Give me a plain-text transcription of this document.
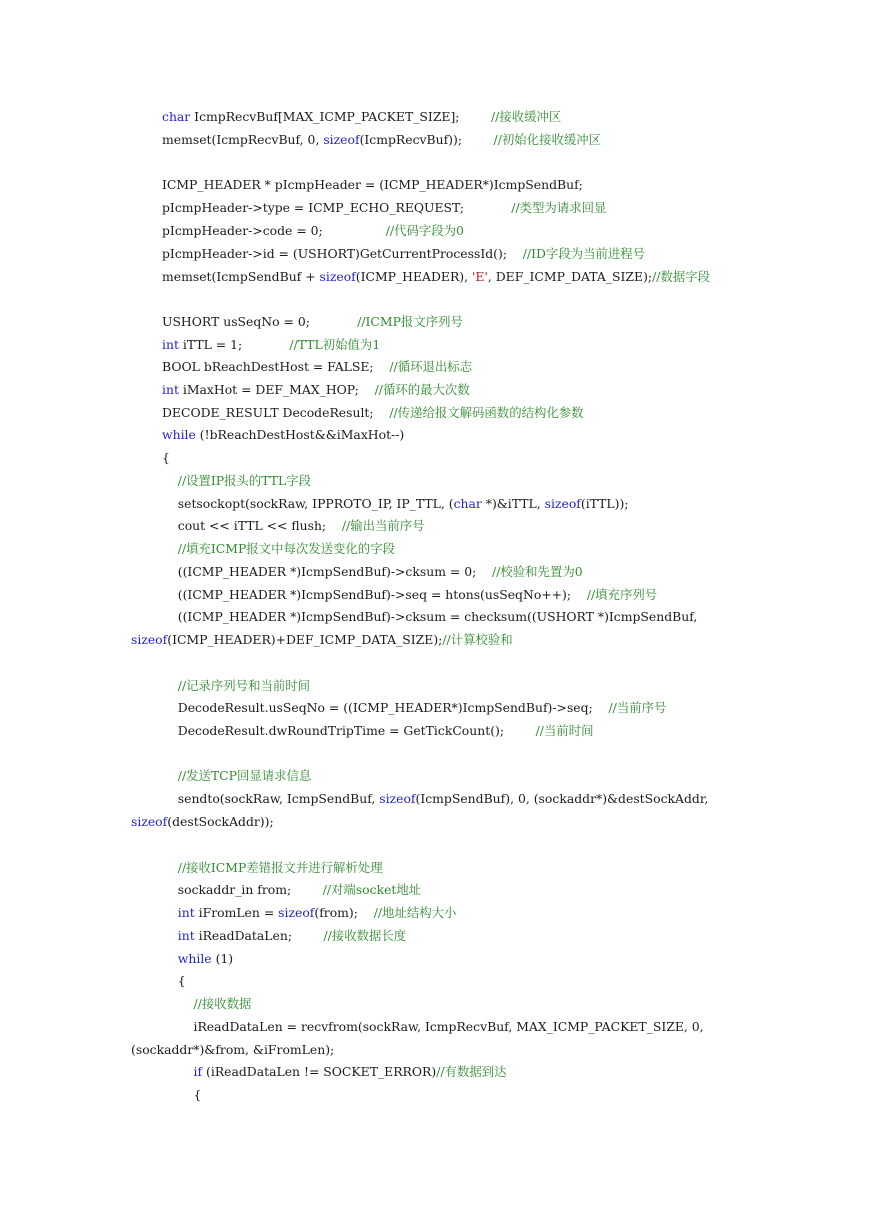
char IcmpRecvBuf[MAX_ICMP_PACKET_SIZE];        //接收缓冲区
memset(IcmpRecvBuf, 0, sizeof(IcmpRecvBuf));        //初始化接收缓冲区
ICMP_HEADER * pIcmpHeader = (ICMP_HEADER*)IcmpSendBuf;
pIcmpHeader->type = ICMP_ECHO_REQUEST;            //类型为请求回显
pIcmpHeader->code = 0;                //代码字段为0
pIcmpHeader->id = (USHORT)GetCurrentProcessId();    //ID字段为当前进程号
memset(IcmpSendBuf + sizeof(ICMP_HEADER), 'E', DEF_ICMP_DATA_SIZE);//数据字段
USHORT usSeqNo = 0;            //ICMP报文序列号
int iTTL = 1;            //TTL初始值为1
BOOL bReachDestHost = FALSE;    //循环退出标志
int iMaxHot = DEF_MAX_HOP;    //循环的最大次数
DECODE_RESULT DecodeResult;    //传递给报文解码函数的结构化参数
while (!bReachDestHost&&iMaxHot--)
{
//设置IP报头的TTL字段
setsockopt(sockRaw, IPPROTO_IP, IP_TTL, (char *)&iTTL, sizeof(iTTL));
cout << iTTL << flush;    //输出当前序号
//填充ICMP报文中每次发送变化的字段
((ICMP_HEADER *)IcmpSendBuf)->cksum = 0;    //校验和先置为0
((ICMP_HEADER *)IcmpSendBuf)->seq = htons(usSeqNo++);    //填充序列号
((ICMP_HEADER *)IcmpSendBuf)->cksum = checksum((USHORT *)IcmpSendBuf,
sizeof(ICMP_HEADER)+DEF_ICMP_DATA_SIZE);//计算校验和
//记录序列号和当前时间
DecodeResult.usSeqNo = ((ICMP_HEADER*)IcmpSendBuf)->seq;    //当前序号
DecodeResult.dwRoundTripTime = GetTickCount();        //当前时间
//发送TCP回显请求信息
sendto(sockRaw, IcmpSendBuf, sizeof(IcmpSendBuf), 0, (sockaddr*)&destSockAddr,
sizeof(destSockAddr));
//接收ICMP差错报文并进行解析处理
sockaddr_in from;        //对端socket地址
int iFromLen = sizeof(from);    //地址结构大小
int iReadDataLen;        //接收数据长度
while (1)
{
//接收数据
iReadDataLen = recvfrom(sockRaw, IcmpRecvBuf, MAX_ICMP_PACKET_SIZE, 0,
(sockaddr*)&from, &iFromLen);
if (iReadDataLen != SOCKET_ERROR)//有数据到达
{
